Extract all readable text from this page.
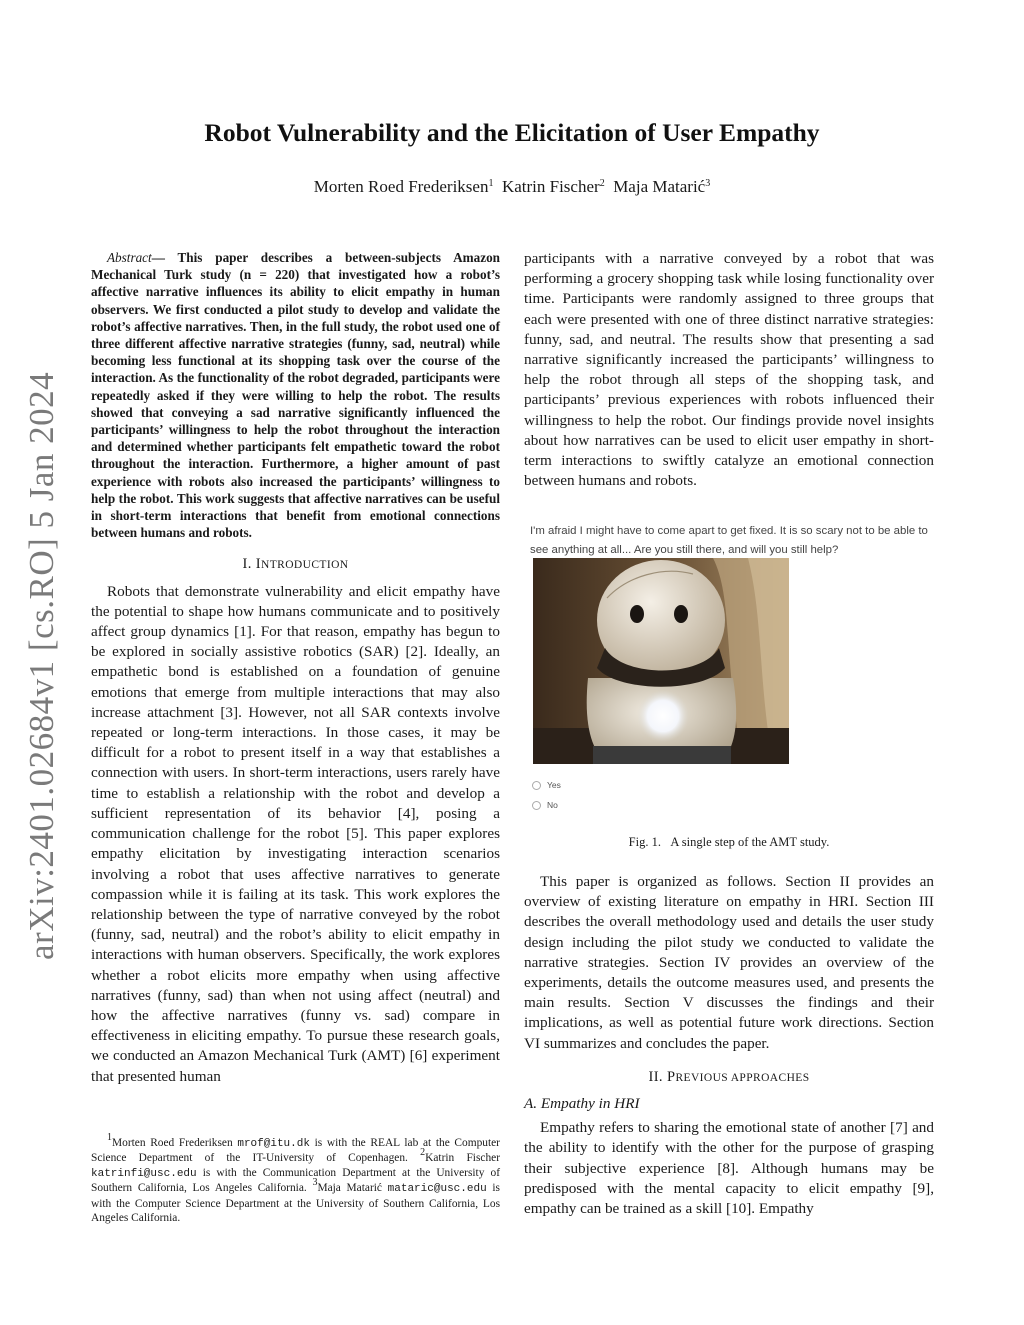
arXiv:2401.02684v1 [cs.RO] 5 Jan 2024
Robot Vulnerability and the Elicitation of User Empathy
Morten Roed Frederiksen$^1$ Katrin Fischer$^2$ Maja Matarić$^3$

Abstract— This paper describes a between-subjects Amazon Mechanical Turk study (n = 220) that investigated how a robot’s affective narrative influences its ability to elicit empathy in human observers. We first conducted a pilot study to develop and validate the robot’s affective narratives. Then, in the full study, the robot used one of three different affective narrative strategies (funny, sad, neutral) while becoming less functional at its shopping task over the course of the interaction. As the functionality of the robot degraded, participants were repeatedly asked if they were willing to help the robot. The results showed that conveying a sad narrative significantly influenced the participants’ willingness to help the robot throughout the interaction and determined whether participants felt empathetic toward the robot throughout the interaction. Furthermore, a higher amount of past experience with robots also increased the participants’ willingness to help the robot. This work suggests that affective narratives can be useful in short-term interactions that benefit from emotional connections between humans and robots.

I. INTRODUCTION

Robots that demonstrate vulnerability and elicit empathy have the potential to shape how humans communicate and to positively affect group dynamics [1]. For that reason, empathy has begun to be explored in socially assistive robotics (SAR) [2]. Ideally, an empathetic bond is established on a foundation of genuine emotions that emerge from multiple interactions that may also increase attachment [3]. However, not all SAR contexts involve repeated or long-term interactions. In those cases, it may be difficult for a robot to present itself in a way that establishes a connection with users. In short-term interactions, users rarely have time to establish a relationship with the robot and develop a sufficient representation of its behavior [4], posing a communication challenge for the robot [5]. This paper explores empathy elicitation by investigating interaction scenarios involving a robot that uses affective narratives to generate compassion while it is failing at its task. This work explores the relationship between the type of narrative conveyed by the robot (funny, sad, neutral) and the robot’s ability to elicit empathy in interactions with human observers. Specifically, the work explores whether a robot elicits more empathy when using affective narratives (funny, sad) than when not using affect (neutral) and how the affective narratives (funny vs. sad) compare in effectiveness in eliciting empathy. To pursue these research goals, we conducted an Amazon Mechanical Turk (AMT) [6] experiment that presented human

$^1$Morten Roed Frederiksen mrof@itu.dk is with the REAL lab at the Computer Science Department of the IT-University of Copenhagen. $^2$Katrin Fischer katrinfi@usc.edu is with the Communication Department at the University of Southern California, Los Angeles California. $^3$Maja Matarić mataric@usc.edu is with the Computer Science Department at the University of Southern California, Los Angeles California.

participants with a narrative conveyed by a robot that was performing a grocery shopping task while losing functionality over time. Participants were randomly assigned to three groups that each were presented with one of three distinct narrative strategies: funny, sad, and neutral. The results show that presenting a sad narrative significantly increased the participants’ willingness to help the robot through all steps of the shopping task, and participants’ previous experiences with robots influenced their willingness to help the robot. Our findings provide novel insights about how narratives can be used to elicit user empathy in short-term interactions to swiftly catalyze an emotional connection between humans and robots.

I'm afraid I might have to come apart to get fixed. It is so scary not to be able to see anything at all... Are you still there, and will you still help?

Yes
No
Fig. 1. A single step of the AMT study.

This paper is organized as follows. Section II provides an overview of existing literature on empathy in HRI. Section III describes the overall methodology used and details the user study design including the pilot study we conducted to validate the narrative strategies. Section IV provides an overview of the experiments, details the outcome measures used, and presents the main results. Section V discusses the findings and their implications, as well as potential future work directions. Section VI summarizes and concludes the paper.

II. PREVIOUS APPROACHES
A. Empathy in HRI

Empathy refers to sharing the emotional state of another [7] and the ability to identify with the other for the purpose of grasping their subjective experience [8]. Although humans may be predisposed with the mental capacity to elicit empathy [9], empathy can be trained as a skill [10]. Empathy
